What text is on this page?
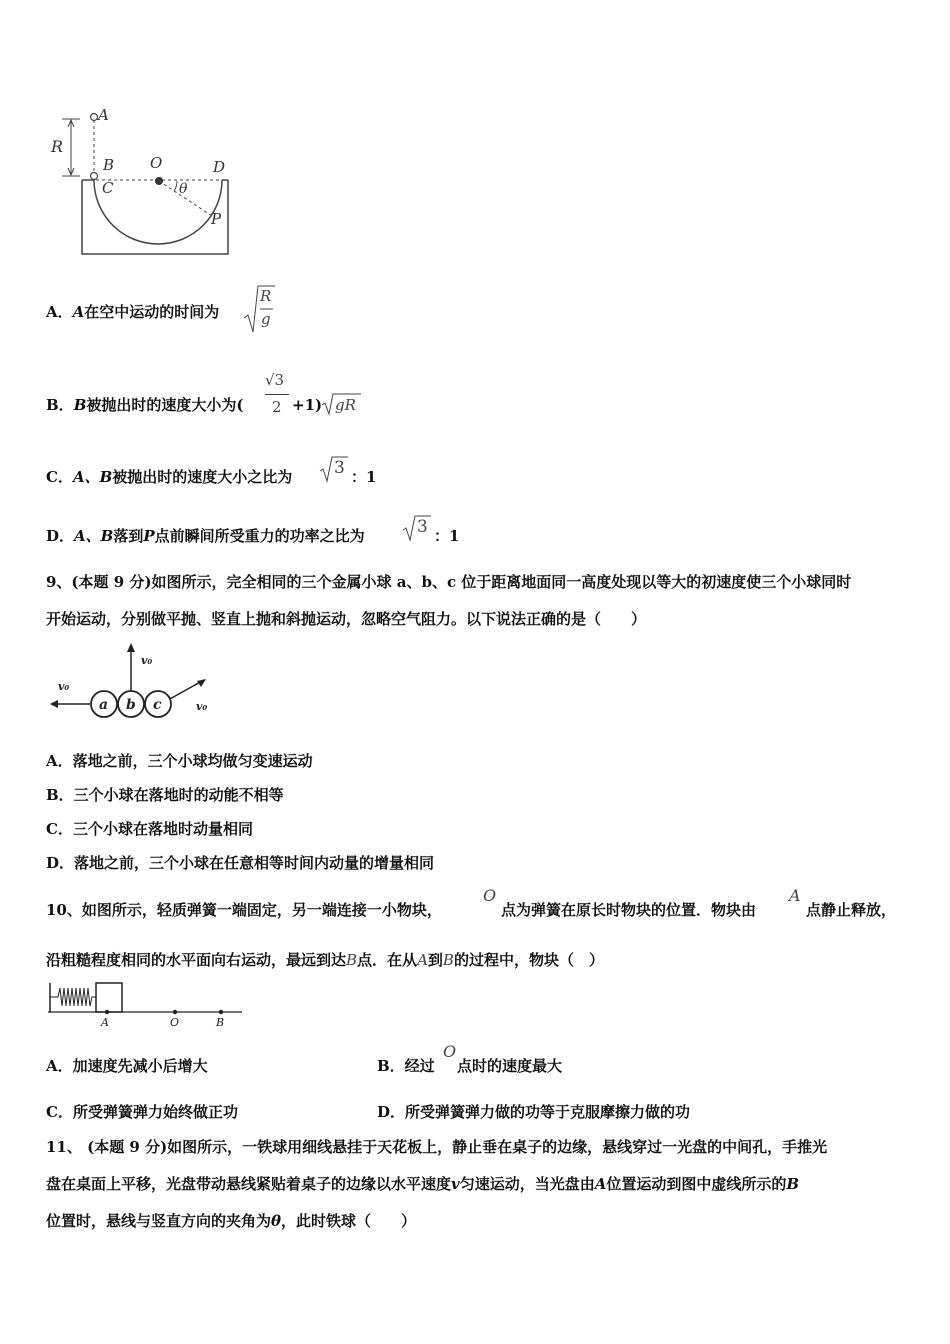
A
R
B
C
O	D
θ
P
A．A在空中运动的时间为
R
g
B．B被抛出时的速度大小为(
√3
2 +1) gR
C．A、B被抛出时的速度大小之比为 3 ：1
D．A、B落到P点前瞬间所受重力的功率之比为	3 ：1
9、(本题 9 分)如图所示，完全相同的三个金属小球 a、b、c 位于距离地面同一高度处现以等大的初速度使三个小球同时
开始运动，分别做平抛、竖直上抛和斜抛运动，忽略空气阻力。以下说法正确的是（　　）
a b c
v₀
v₀
v₀
A．落地之前，三个小球均做匀变速运动
B．三个小球在落地时的动能不相等
C．三个小球在落地时动量相同
D．落地之前，三个小球在任意相等时间内动量的增量相同
10、如图所示，轻质弹簧一端固定，另一端连接一小物块，
O
点为弹簧在原长时物块的位置．物块由
A
点静止释放，
沿粗糙程度相同的水平面向右运动，最远到达B点．在从A到B的过程中，物块（　）
A	O	B
A．加速度先减小后增大	B．经过
O
点时的速度最大
C．所受弹簧弹力始终做正功	D．所受弹簧弹力做的功等于克服摩擦力做的功
11、 (本题 9 分)如图所示，一铁球用细线悬挂于天花板上，静止垂在桌子的边缘，悬线穿过一光盘的中间孔，手推光
盘在桌面上平移，光盘带动悬线紧贴着桌子的边缘以水平速度v匀速运动，当光盘由A位置运动到图中虚线所示的B
位置时，悬线与竖直方向的夹角为θ，此时铁球（　　）
